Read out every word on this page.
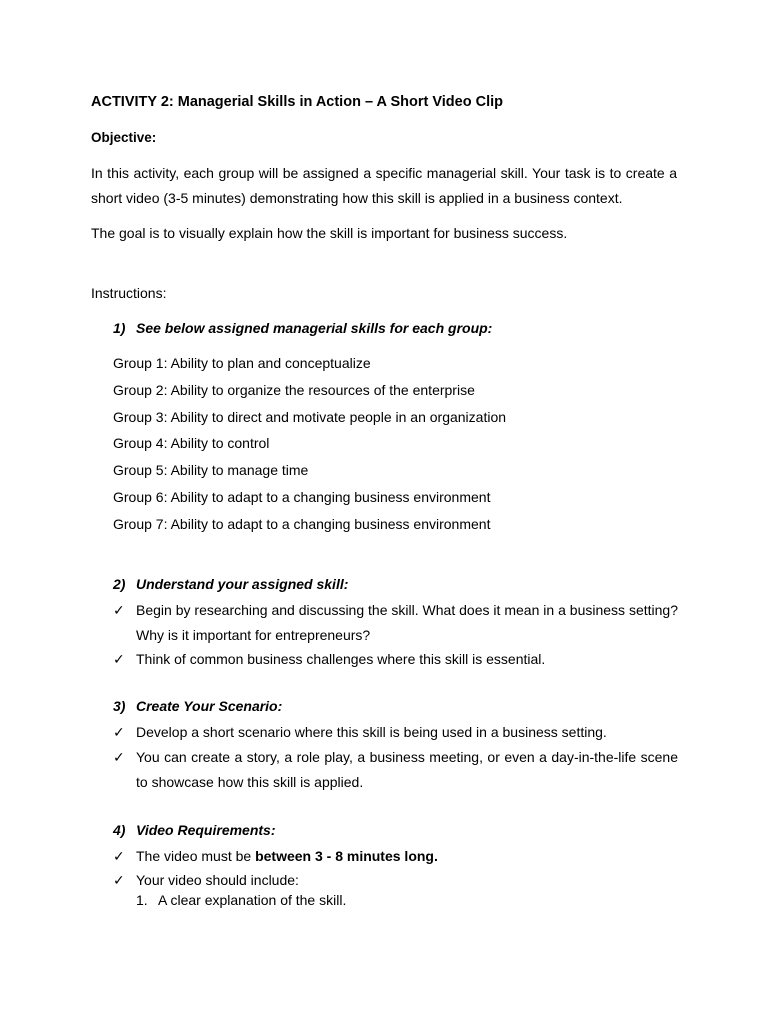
ACTIVITY 2: Managerial Skills in Action – A Short Video Clip
Objective:
In this activity, each group will be assigned a specific managerial skill. Your task is to create a short video (3-5 minutes) demonstrating how this skill is applied in a business context.
The goal is to visually explain how the skill is important for business success.
Instructions:
1) See below assigned managerial skills for each group:
Group 1: Ability to plan and conceptualize
Group 2: Ability to organize the resources of the enterprise
Group 3: Ability to direct and motivate people in an organization
Group 4: Ability to control
Group 5: Ability to manage time
Group 6: Ability to adapt to a changing business environment
Group 7: Ability to adapt to a changing business environment
2) Understand your assigned skill:
✓ Begin by researching and discussing the skill. What does it mean in a business setting? Why is it important for entrepreneurs?
✓ Think of common business challenges where this skill is essential.
3) Create Your Scenario:
✓ Develop a short scenario where this skill is being used in a business setting.
✓ You can create a story, a role play, a business meeting, or even a day-in-the-life scene to showcase how this skill is applied.
4) Video Requirements:
✓ The video must be between 3 - 8 minutes long.
✓ Your video should include:
1. A clear explanation of the skill.
